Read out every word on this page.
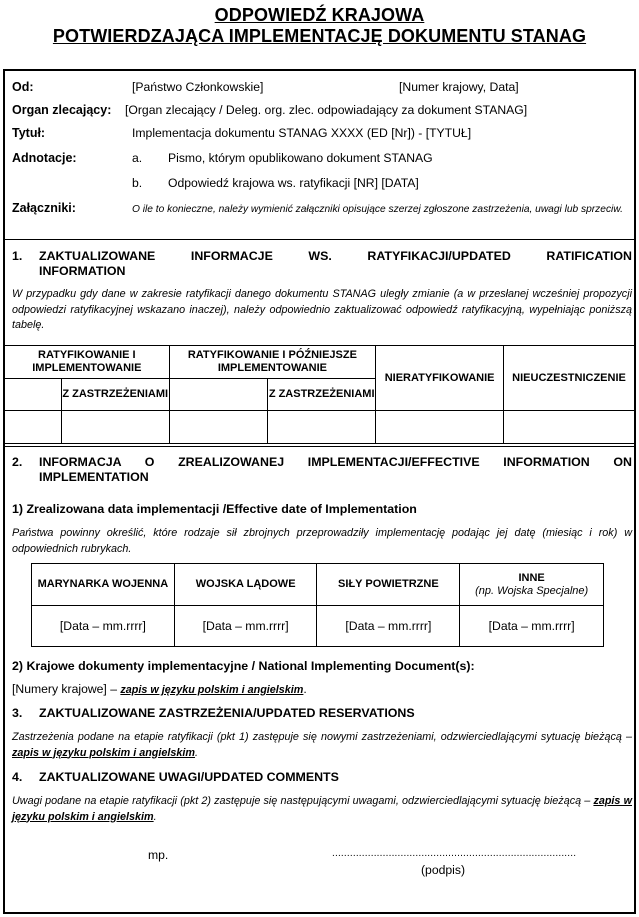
ODPOWIEDŹ KRAJOWA
POTWIERDZAJĄCA IMPLEMENTACJĘ DOKUMENTU STANAG
Od:	[Państwo Członkowskie]	[Numer krajowy, Data]
Organ zlecający: [Organ zlecający / Deleg. org. zlec. odpowiadający za dokument STANAG]
Tytuł:	Implementacja dokumentu STANAG XXXX (ED [Nr]) - [TYTUŁ]
Adnotacje:	a. Pismo, którym opublikowano dokument STANAG
b. Odpowiedź krajowa ws. ratyfikacji [NR] [DATA]
Załączniki:	O ile to konieczne, należy wymienić załączniki opisujące szerzej zgłoszone zastrzeżenia, uwagi lub sprzeciw.
1. ZAKTUALIZOWANE INFORMACJE WS. RATYFIKACJI/UPDATED RATIFICATION INFORMATION
W przypadku gdy dane w zakresie ratyfikacji danego dokumentu STANAG uległy zmianie (a w przesłanej wcześniej propozycji odpowiedzi ratyfikacyjnej wskazano inaczej), należy odpowiednio zaktualizować odpowiedź ratyfikacyjną, wypełniając poniższą tabelę.
RATYFIKOWANIE I IMPLEMENTOWANIE		RATYFIKOWANIE I PÓŹNIEJSZE IMPLEMENTOWANIE		NIERATYFIKOWANIE	NIEUCZESTNICZENIE
	Z ZASTRZEŻENIAMI		Z ZASTRZEŻENIAMI		

2. INFORMACJA O ZREALIZOWANEJ IMPLEMENTACJI/EFFECTIVE INFORMATION ON IMPLEMENTATION
1) Zrealizowana data implementacji /Effective date of Implementation
Państwa powinny określić, które rodzaje sił zbrojnych przeprowadziły implementację podając jej datę (miesiąc i rok) w odpowiednich rubrykach.
MARYNARKA WOJENNA	WOJSKA LĄDOWE	SIŁY POWIETRZNE	INNE
(np. Wojska Specjalne)

[Data – mm.rrrr]	[Data – mm.rrrr]	[Data – mm.rrrr]	[Data – mm.rrrr]
2) Krajowe dokumenty implementacyjne / National Implementing Document(s):
[Numery krajowe] – zapis w języku polskim i angielskim.
3. ZAKTUALIZOWANE ZASTRZEŻENIA/UPDATED RESERVATIONS
Zastrzeżenia podane na etapie ratyfikacji (pkt 1) zastępuje się nowymi zastrzeżeniami, odzwierciedlającymi sytuację bieżącą – zapis w języku polskim i angielskim.
4. ZAKTUALIZOWANE UWAGI/UPDATED COMMENTS
Uwagi podane na etapie ratyfikacji (pkt 2) zastępuje się następującymi uwagami, odzwierciedlającymi sytuację bieżącą – zapis w języku polskim i angielskim.
mp.	..................................................................................
(podpis)
